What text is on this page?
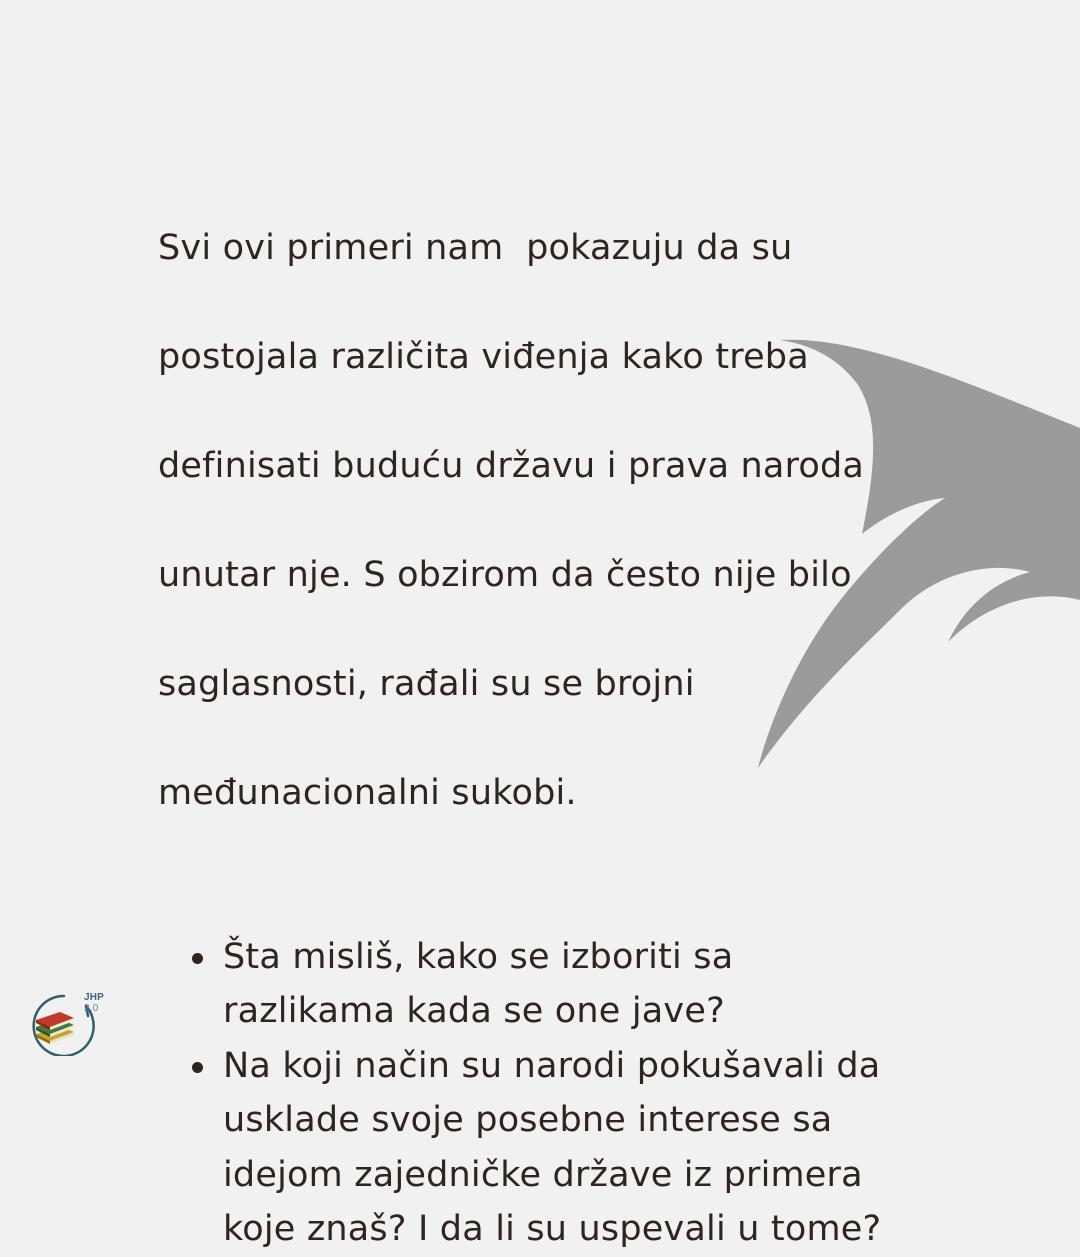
Svi ovi primeri nam  pokazuju da su

postojala različita viđenja kako treba

definisati buduću državu i prava naroda

unutar nje. S obzirom da često nije bilo

saglasnosti, rađali su se brojni

međunacionalni sukobi.

Šta misliš, kako se izboriti sa
razlikama kada se one jave?
Na koji način su narodi pokušavali da
usklade svoje posebne interese sa
idejom zajedničke države iz primera
koje znaš? I da li su uspevali u tome?
JHP 2.0
